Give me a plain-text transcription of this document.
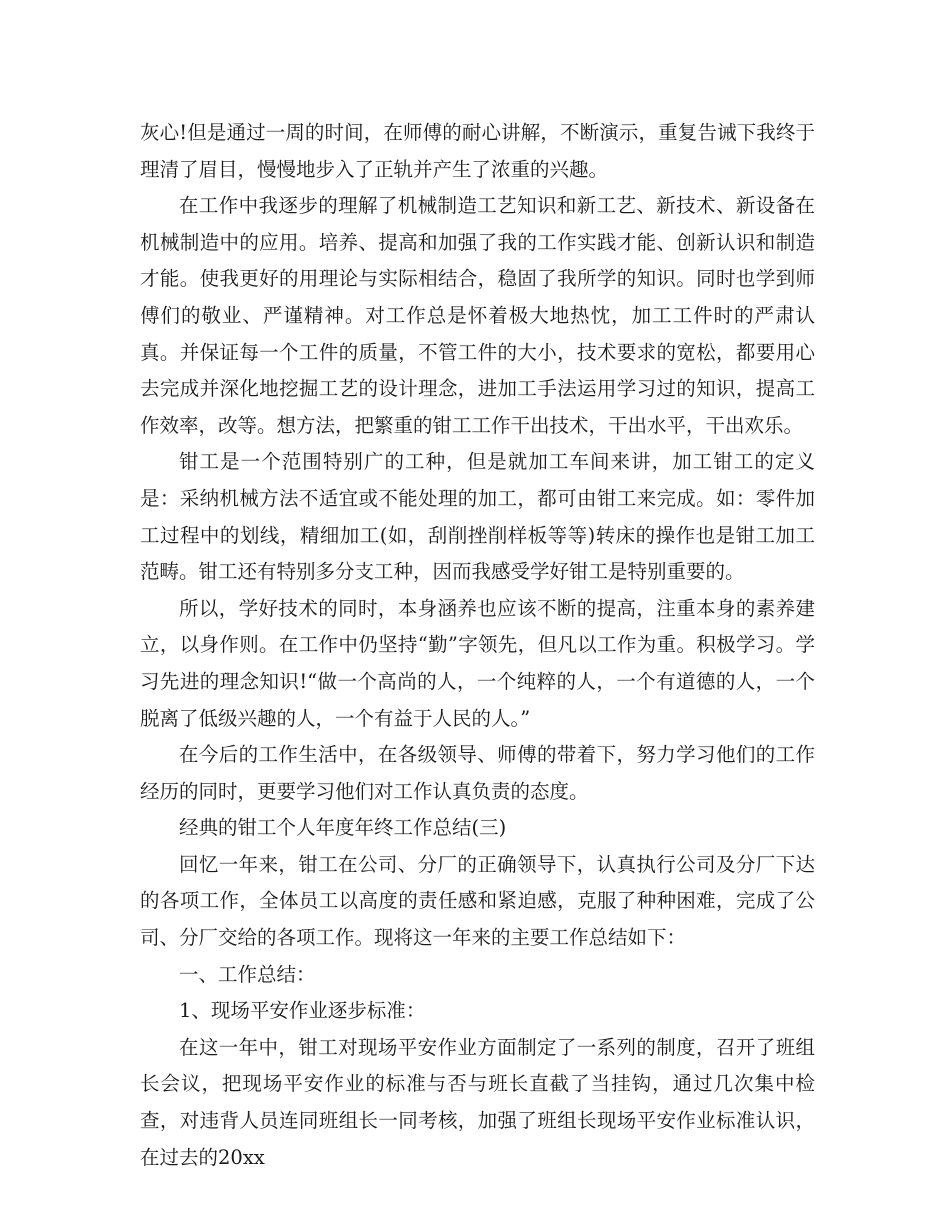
灰心!但是通过一周的时间，在师傅的耐心讲解，不断演示，重复告诫下我终于理清了眉目，慢慢地步入了正轨并产生了浓重的兴趣。

在工作中我逐步的理解了机械制造工艺知识和新工艺、新技术、新设备在机械制造中的应用。培养、提高和加强了我的工作实践才能、创新认识和制造才能。使我更好的用理论与实际相结合，稳固了我所学的知识。同时也学到师傅们的敬业、严谨精神。对工作总是怀着极大地热忱，加工工件时的严肃认真。并保证每一个工件的质量，不管工件的大小，技术要求的宽松，都要用心去完成并深化地挖掘工艺的设计理念，进加工手法运用学习过的知识，提高工作效率，改等。想方法，把繁重的钳工工作干出技术，干出水平，干出欢乐。

钳工是一个范围特别广的工种，但是就加工车间来讲，加工钳工的定义是：采纳机械方法不适宜或不能处理的加工，都可由钳工来完成。如：零件加工过程中的划线，精细加工(如，刮削挫削样板等等)转床的操作也是钳工加工范畴。钳工还有特别多分支工种，因而我感受学好钳工是特别重要的。

所以，学好技术的同时，本身涵养也应该不断的提高，注重本身的素养建立，以身作则。在工作中仍坚持“勤”字领先，但凡以工作为重。积极学习。学习先进的理念知识!“做一个高尚的人，一个纯粹的人，一个有道德的人，一个脱离了低级兴趣的人，一个有益于人民的人。”

在今后的工作生活中，在各级领导、师傅的带着下，努力学习他们的工作经历的同时，更要学习他们对工作认真负责的态度。

经典的钳工个人年度年终工作总结(三)

回忆一年来，钳工在公司、分厂的正确领导下，认真执行公司及分厂下达的各项工作，全体员工以高度的责任感和紧迫感，克服了种种困难，完成了公司、分厂交给的各项工作。现将这一年来的主要工作总结如下：

一、工作总结：

1、现场平安作业逐步标准：

在这一年中，钳工对现场平安作业方面制定了一系列的制度，召开了班组长会议，把现场平安作业的标准与否与班长直截了当挂钩，通过几次集中检查，对违背人员连同班组长一同考核，加强了班组长现场平安作业标准认识，在过去的20xx
